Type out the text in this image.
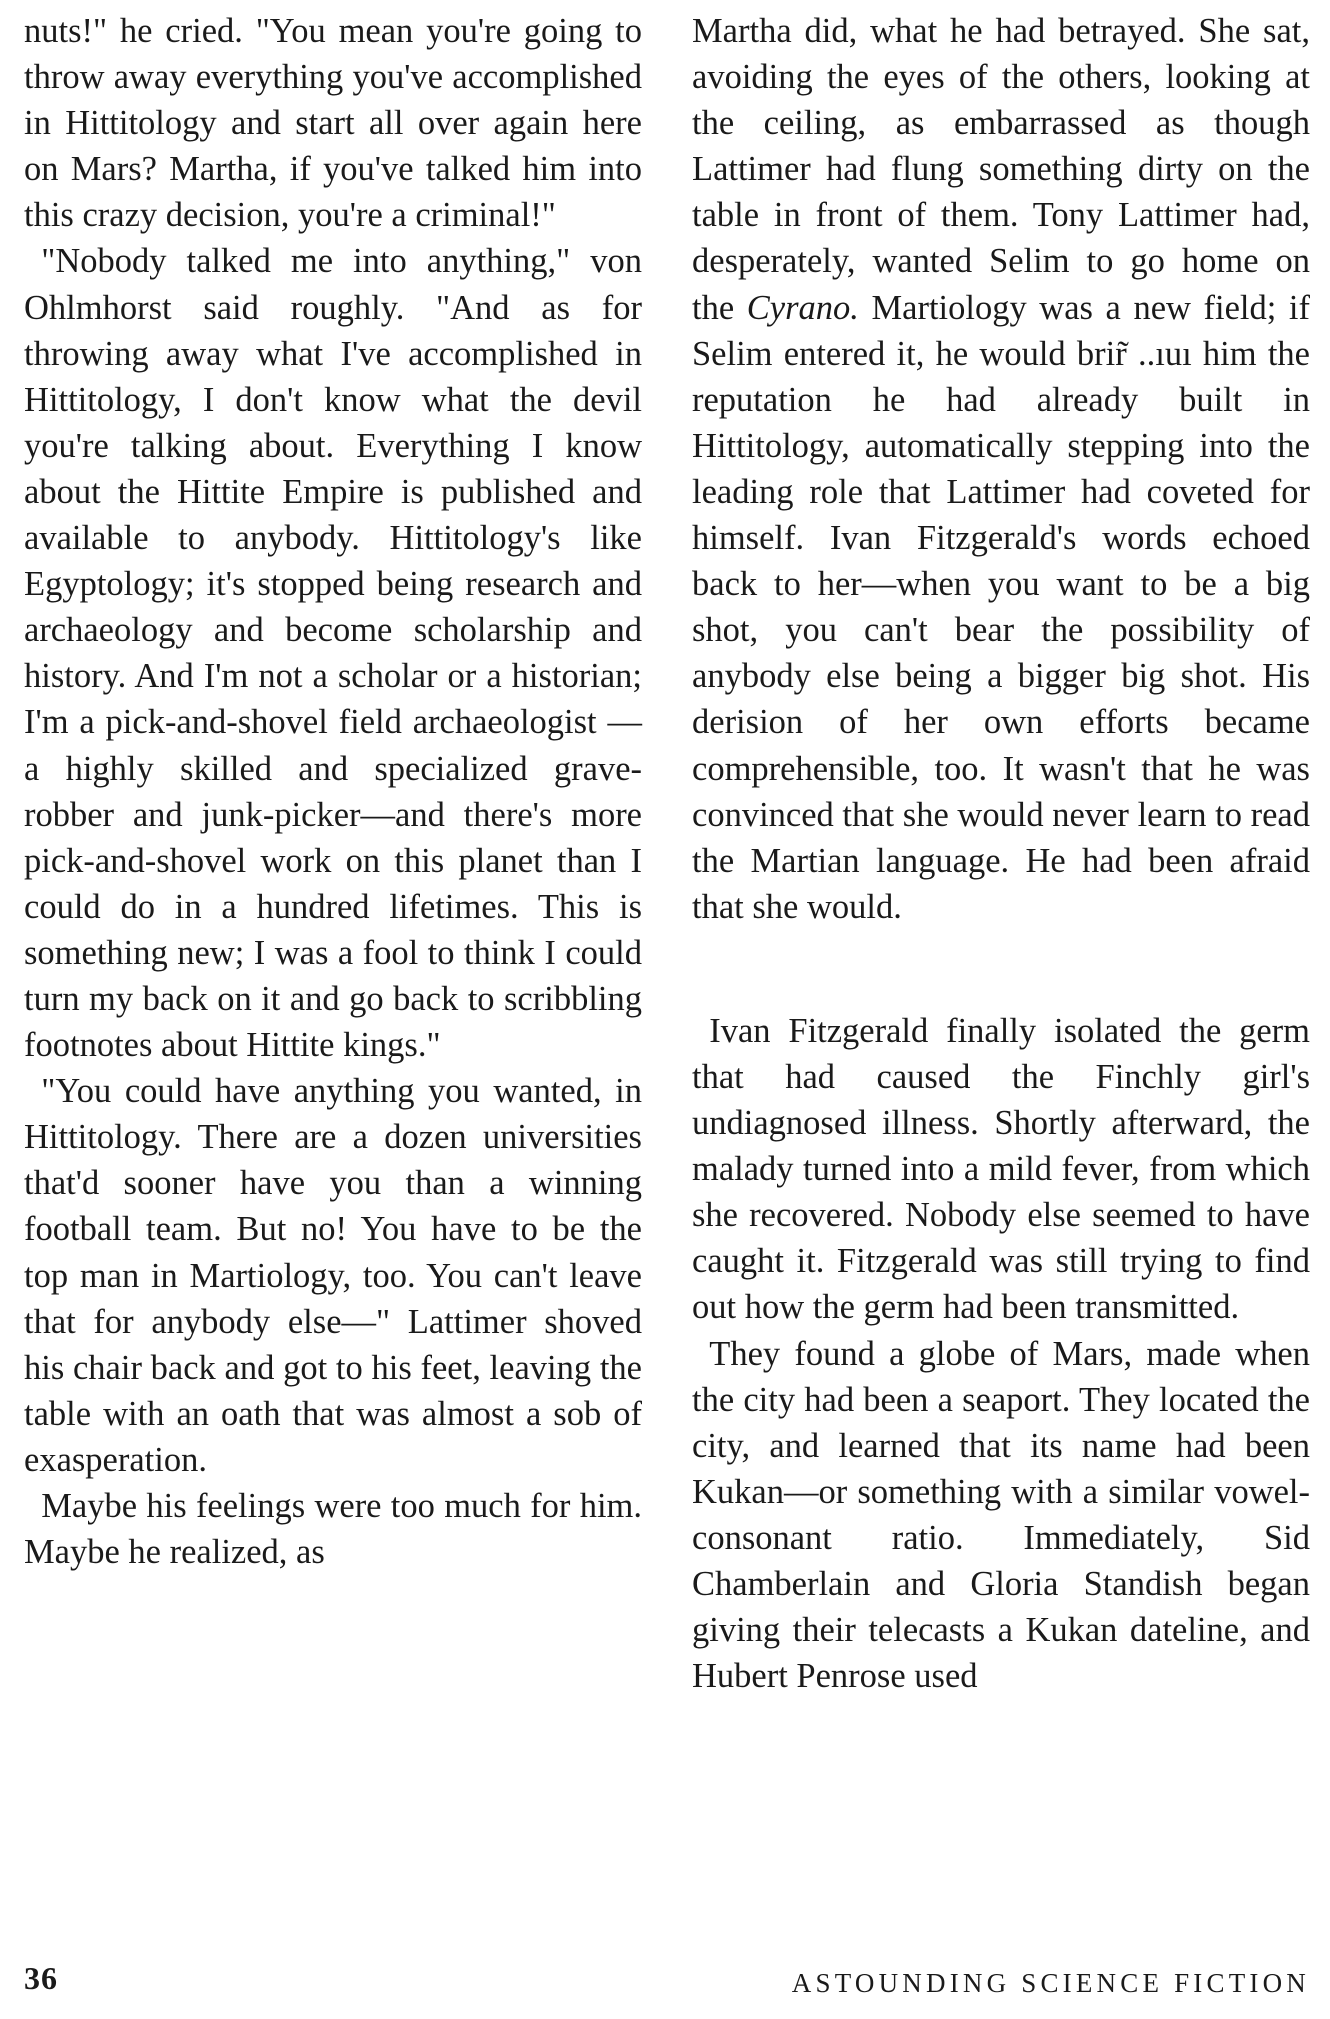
nuts!" he cried. "You mean you're going to throw away everything you've accomplished in Hittitology and start all over again here on Mars? Martha, if you've talked him into this crazy decision, you're a criminal!"

"Nobody talked me into anything," von Ohlmhorst said roughly. "And as for throwing away what I've accomplished in Hittitology, I don't know what the devil you're talking about. Everything I know about the Hittite Empire is published and available to anybody. Hittitology's like Egyptology; it's stopped being research and archaeology and become scholarship and history. And I'm not a scholar or a historian; I'm a pick-and-shovel field archaeologist —a highly skilled and specialized grave-robber and junk-picker—and there's more pick-and-shovel work on this planet than I could do in a hundred lifetimes. This is something new; I was a fool to think I could turn my back on it and go back to scribbling footnotes about Hittite kings."

"You could have anything you wanted, in Hittitology. There are a dozen universities that'd sooner have you than a winning football team. But no! You have to be the top man in Martiology, too. You can't leave that for anybody else—" Lattimer shoved his chair back and got to his feet, leaving the table with an oath that was almost a sob of exasperation.

Maybe his feelings were too much for him. Maybe he realized, as

Martha did, what he had betrayed. She sat, avoiding the eyes of the others, looking at the ceiling, as embarrassed as though Lattimer had flung something dirty on the table in front of them. Tony Lattimer had, desperately, wanted Selim to go home on the Cyrano. Martiology was a new field; if Selim entered it, he would brir̃ ..ıuı him the reputation he had already built in Hittitology, automatically stepping into the leading role that Lattimer had coveted for himself. Ivan Fitzgerald's words echoed back to her—when you want to be a big shot, you can't bear the possibility of anybody else being a bigger big shot. His derision of her own efforts became comprehensible, too. It wasn't that he was convinced that she would never learn to read the Martian language. He had been afraid that she would.

Ivan Fitzgerald finally isolated the germ that had caused the Finchly girl's undiagnosed illness. Shortly afterward, the malady turned into a mild fever, from which she recovered. Nobody else seemed to have caught it. Fitzgerald was still trying to find out how the germ had been transmitted.

They found a globe of Mars, made when the city had been a seaport. They located the city, and learned that its name had been Kukan—or something with a similar vowel-consonant ratio. Immediately, Sid Chamberlain and Gloria Standish began giving their telecasts a Kukan dateline, and Hubert Penrose used

36	ASTOUNDING SCIENCE FICTION
